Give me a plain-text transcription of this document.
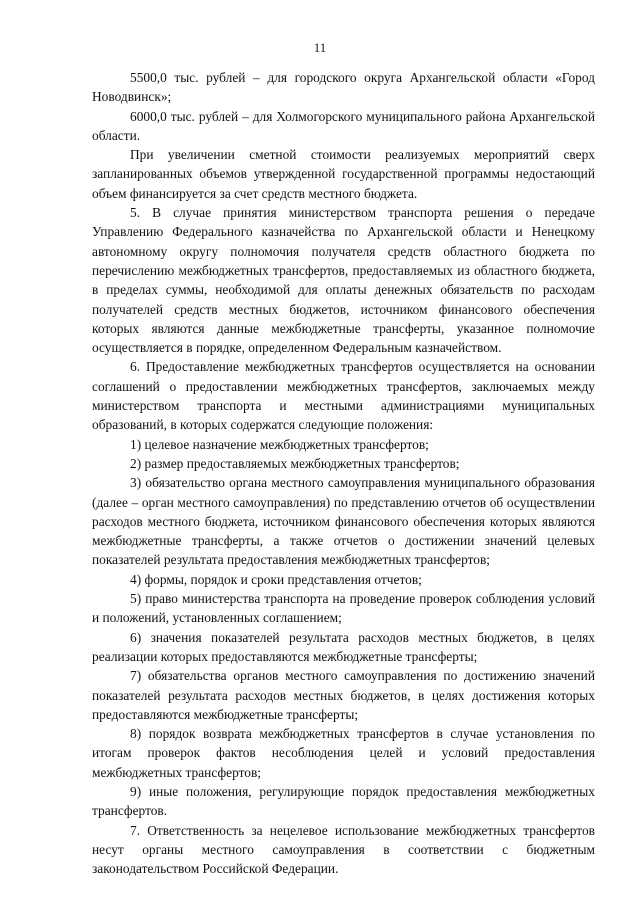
11

5500,0 тыс. рублей – для городского округа Архангельской области «Город Новодвинск»;

6000,0 тыс. рублей – для Холмогорского муниципального района Архангельской области.

При увеличении сметной стоимости реализуемых мероприятий сверх запланированных объемов утвержденной государственной программы недостающий объем финансируется за счет средств местного бюджета.

5. В случае принятия министерством транспорта решения о передаче Управлению Федерального казначейства по Архангельской области и Ненецкому автономному округу полномочия получателя средств областного бюджета по перечислению межбюджетных трансфертов, предоставляемых из областного бюджета, в пределах суммы, необходимой для оплаты денежных обязательств по расходам получателей средств местных бюджетов, источником финансового обеспечения которых являются данные межбюджетные трансферты, указанное полномочие осуществляется в порядке, определенном Федеральным казначейством.

6. Предоставление межбюджетных трансфертов осуществляется на основании соглашений о предоставлении межбюджетных трансфертов, заключаемых между министерством транспорта и местными администрациями муниципальных образований, в которых содержатся следующие положения:

1) целевое назначение межбюджетных трансфертов;

2) размер предоставляемых межбюджетных трансфертов;

3) обязательство органа местного самоуправления муниципального образования (далее – орган местного самоуправления) по представлению отчетов об осуществлении расходов местного бюджета, источником финансового обеспечения которых являются межбюджетные трансферты, а также отчетов о достижении значений целевых показателей результата предоставления межбюджетных трансфертов;

4) формы, порядок и сроки представления отчетов;

5) право министерства транспорта на проведение проверок соблюдения условий и положений, установленных соглашением;

6) значения показателей результата расходов местных бюджетов, в целях реализации которых предоставляются межбюджетные трансферты;

7) обязательства органов местного самоуправления по достижению значений показателей результата расходов местных бюджетов, в целях достижения которых предоставляются межбюджетные трансферты;

8) порядок возврата межбюджетных трансфертов в случае установления по итогам проверок фактов несоблюдения целей и условий предоставления межбюджетных трансфертов;

9) иные положения, регулирующие порядок предоставления межбюджетных трансфертов.

7. Ответственность за нецелевое использование межбюджетных трансфертов несут органы местного самоуправления в соответствии с бюджетным законодательством Российской Федерации.
